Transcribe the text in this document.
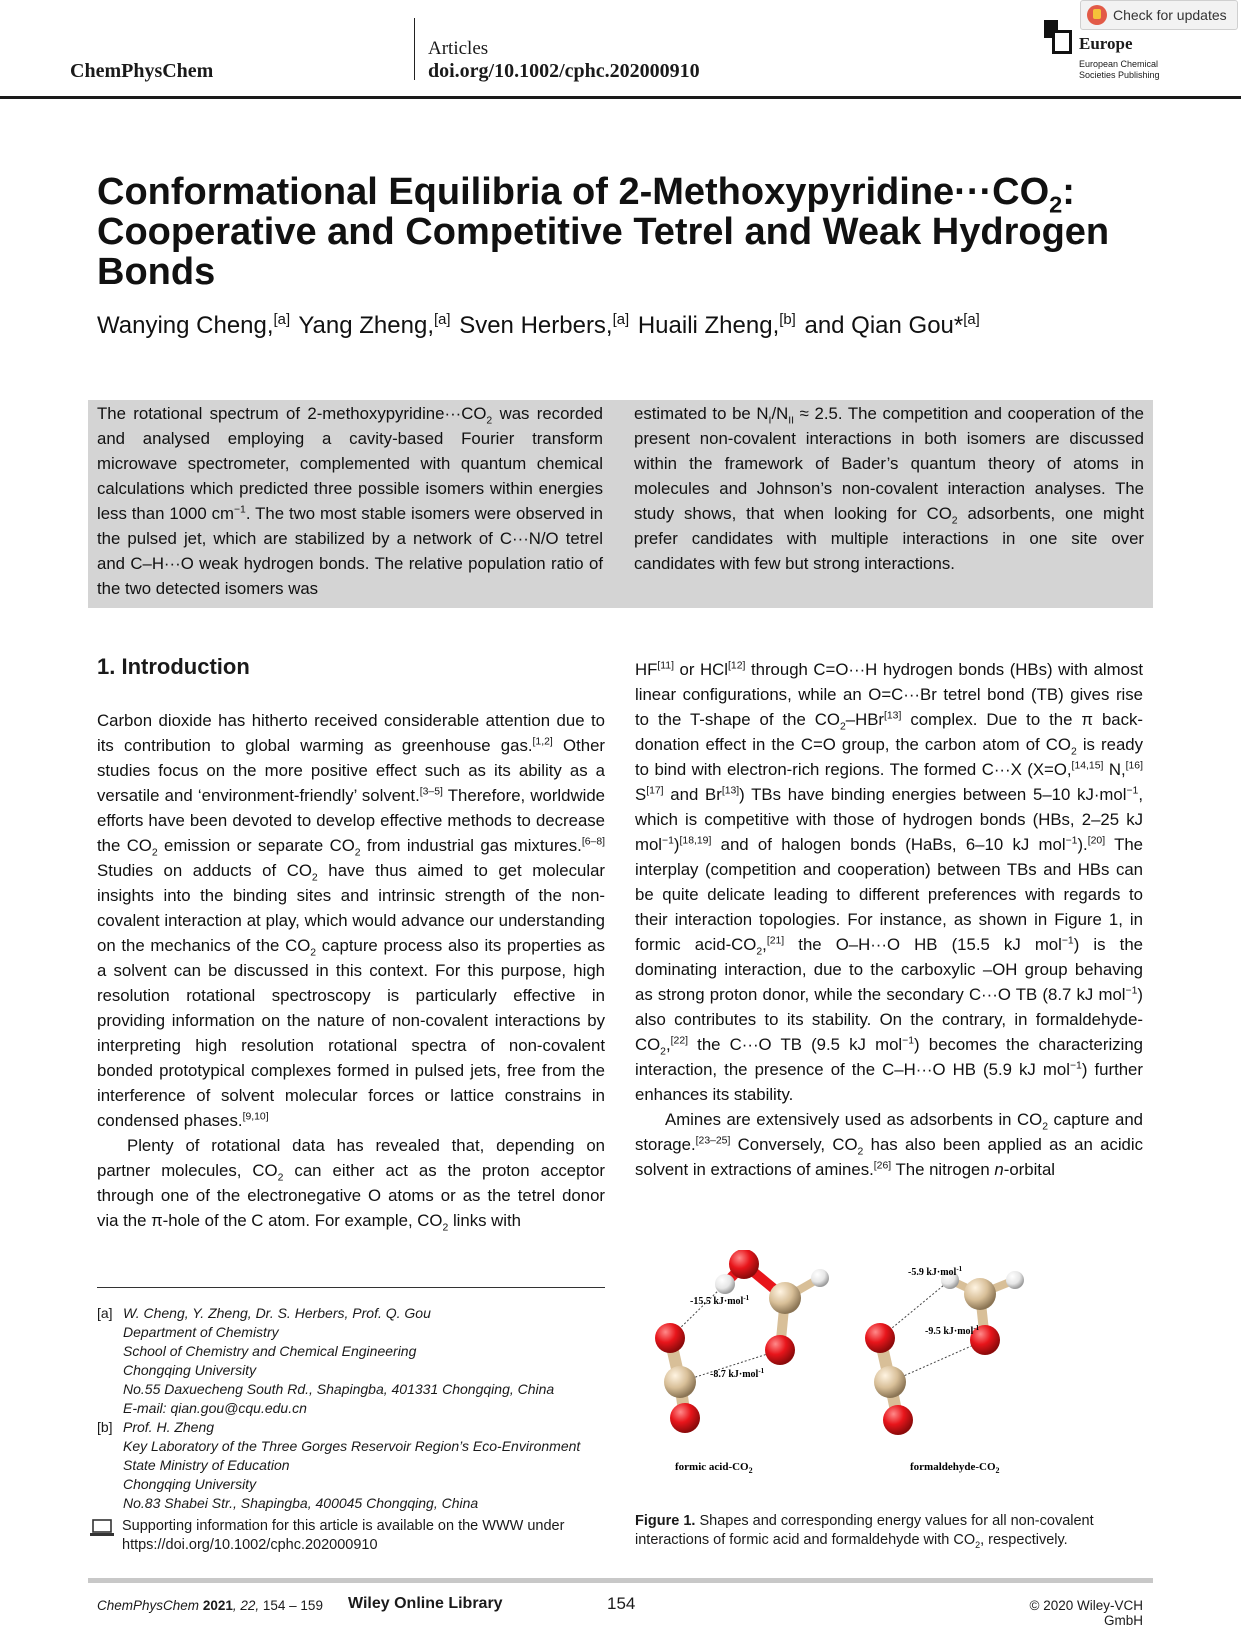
ChemPhysChem
Articles
doi.org/10.1002/cphc.202000910
Europe
European Chemical Societies Publishing
Check for updates
Conformational Equilibria of $2-Methoxypyridine\cdot\cdot\cdot CO_2$: Cooperative and Competitive Tetrel and Weak Hydrogen Bonds
Wanying Cheng,[a] Yang Zheng,[a] Sven Herbers,[a] Huaili Zheng,[b] and Qian Gou*[a]
The rotational spectrum of $2-methoxypyridine\cdot\cdot\cdot CO_2$ was recorded and analysed employing a cavity-based Fourier transform microwave spectrometer, complemented with quantum chemical calculations which predicted three possible isomers within energies less than 1000 $cm^{-1}$. The two most stable isomers were observed in the pulsed jet, which are stabilized by a network of C···N/O tetrel and C–H···O weak hydrogen bonds. The relative population ratio of the two detected isomers was
estimated to be $N_I/N_{II} \approx 2.5$. The competition and cooperation of the present non-covalent interactions in both isomers are discussed within the framework of Bader’s quantum theory of atoms in molecules and Johnson’s non-covalent interaction analyses. The study shows, that when looking for $CO_2$ adsorbents, one might prefer candidates with multiple interactions in one site over candidates with few but strong interactions.
1. Introduction

Carbon dioxide has hitherto received considerable attention due to its contribution to global warming as greenhouse gas.[1,2] Other studies focus on the more positive effect such as its ability as a versatile and ‘environment-friendly’ solvent.[3–5] Therefore, worldwide efforts have been devoted to develop effective methods to decrease the $CO_2$ emission or separate $CO_2$ from industrial gas mixtures.[6–8] Studies on adducts of $CO_2$ have thus aimed to get molecular insights into the binding sites and intrinsic strength of the non-covalent interaction at play, which would advance our understanding on the mechanics of the $CO_2$ capture process also its properties as a solvent can be discussed in this context. For this purpose, high resolution rotational spectroscopy is particularly effective in providing information on the nature of non-covalent interactions by interpreting high resolution rotational spectra of non-covalent bonded prototypical complexes formed in pulsed jets, free from the interference of solvent molecular forces or lattice constrains in condensed phases.[9,10]

Plenty of rotational data has revealed that, depending on partner molecules, $CO_2$ can either act as the proton acceptor through one of the electronegative O atoms or as the tetrel donor via the π-hole of the C atom. For example, $CO_2$ links with

HF[11] or HCl[12] through C=O···H hydrogen bonds (HBs) with almost linear configurations, while an O=C···Br tetrel bond (TB) gives rise to the T-shape of the $CO_2-HBr[13]$ complex. Due to the π back-donation effect in the C=O group, the carbon atom of $CO_2$ is ready to bind with electron-rich regions. The formed C···X (X=O,[14,15] N,[16] S[17] and Br[13]) TBs have binding energies between 5–10 kJ·mol$^{-1}$, which is competitive with those of hydrogen bonds (HBs, 2–25 kJ mol$^{-1}$)[18,19] and of halogen bonds (HaBs, 6–10 kJ mol$^{-1}$).[20] The interplay (competition and cooperation) between TBs and HBs can be quite delicate leading to different preferences with regards to their interaction topologies. For instance, as shown in Figure 1, in formic acid-$CO_2,[21]$ the O–H···O HB (15.5 kJ mol$^{-1}$) is the dominating interaction, due to the carboxylic –OH group behaving as strong proton donor, while the secondary C···O TB (8.7 kJ mol$^{-1}$) also contributes to its stability. On the contrary, in formaldehyde-$CO_2,[22]$ the C···O TB (9.5 kJ mol$^{-1}$) becomes the characterizing interaction, the presence of the C–H···O HB (5.9 kJ mol$^{-1}$) further enhances its stability.

Amines are extensively used as adsorbents in $CO_2$ capture and storage.[23–25] Conversely, $CO_2$ has also been applied as an acidic solvent in extractions of amines.[26] The nitrogen n-orbital

[a] W. Cheng, Y. Zheng, Dr. S. Herbers, Prof. Q. Gou
Department of Chemistry
School of Chemistry and Chemical Engineering
Chongqing University
No.55 Daxuecheng South Rd., Shapingba, 401331 Chongqing, China
E-mail: qian.gou@cqu.edu.cn
[b] Prof. H. Zheng
Key Laboratory of the Three Gorges Reservoir Region’s Eco-Environment
State Ministry of Education
Chongqing University
No.83 Shabei Str., Shapingba, 400045 Chongqing, China
Supporting information for this article is available on the WWW under https://doi.org/10.1002/cphc.202000910
-15.5 kJ·mol$^{-1}$
-8.7 kJ·mol$^{-1}$
formic acid-$CO_2$
-5.9 kJ·mol$^{-1}$
-9.5 kJ·mol$^{-1}$
formaldehyde-$CO_2$
Figure 1. Shapes and corresponding energy values for all non-covalent interactions of formic acid and formaldehyde with $CO_2$, respectively.
ChemPhysChem 2021, 22, 154 – 159 Wiley Online Library	154	© 2020 Wiley-VCH GmbH
